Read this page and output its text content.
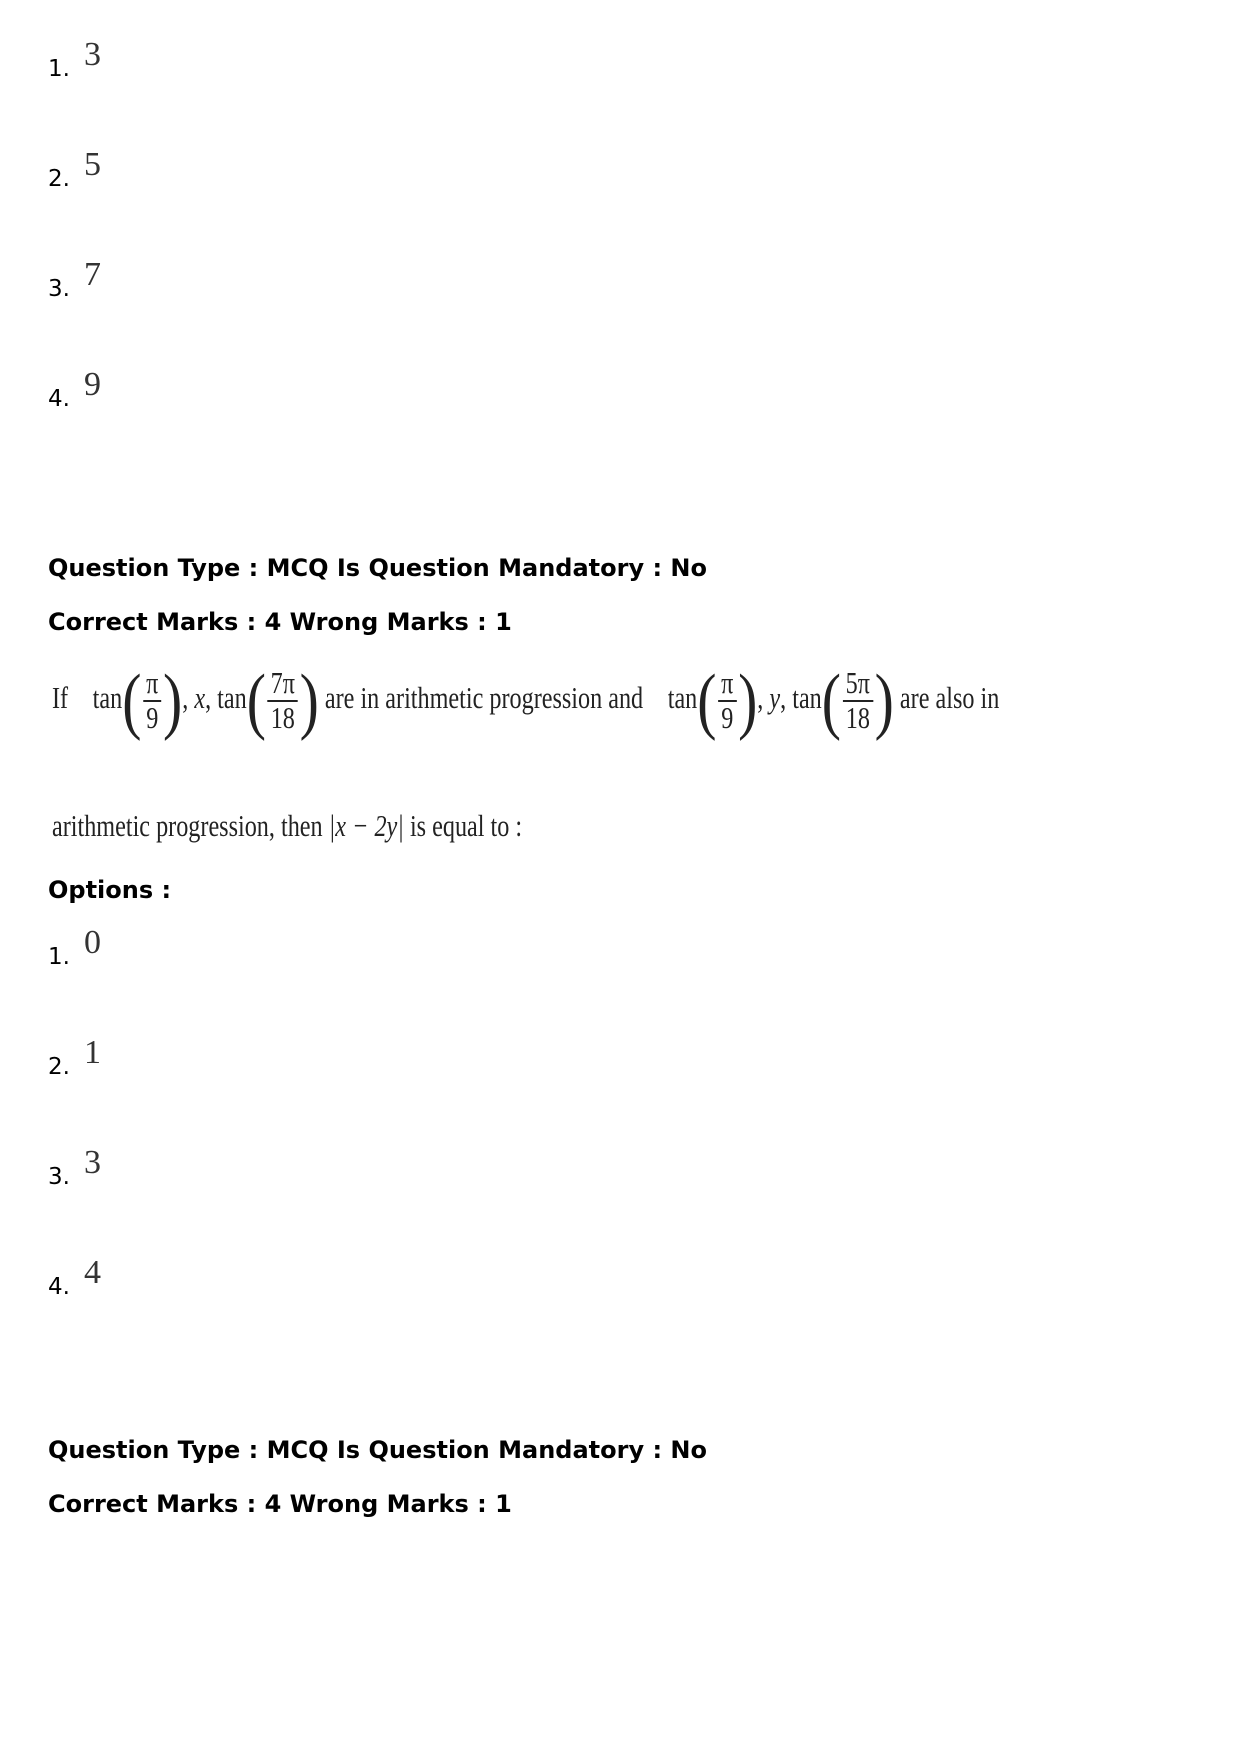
1. 3
2. 5
3. 7
4. 9
Question Type : MCQ Is Question Mandatory : No
Correct Marks : 4 Wrong Marks : 1
If $\tan( \frac{\pi}{9}$ ), x, $\tan( \frac{7\pi}{18}$ ) are in arithmetic progression and $\tan( \frac{\pi}{9}$ ), y, $\tan( \frac{5\pi}{18}$ ) are also in
arithmetic progression, then |x − 2y| is equal to :
Options :
1. 0
2. 1
3. 3
4. 4
Question Type : MCQ Is Question Mandatory : No
Correct Marks : 4 Wrong Marks : 1
